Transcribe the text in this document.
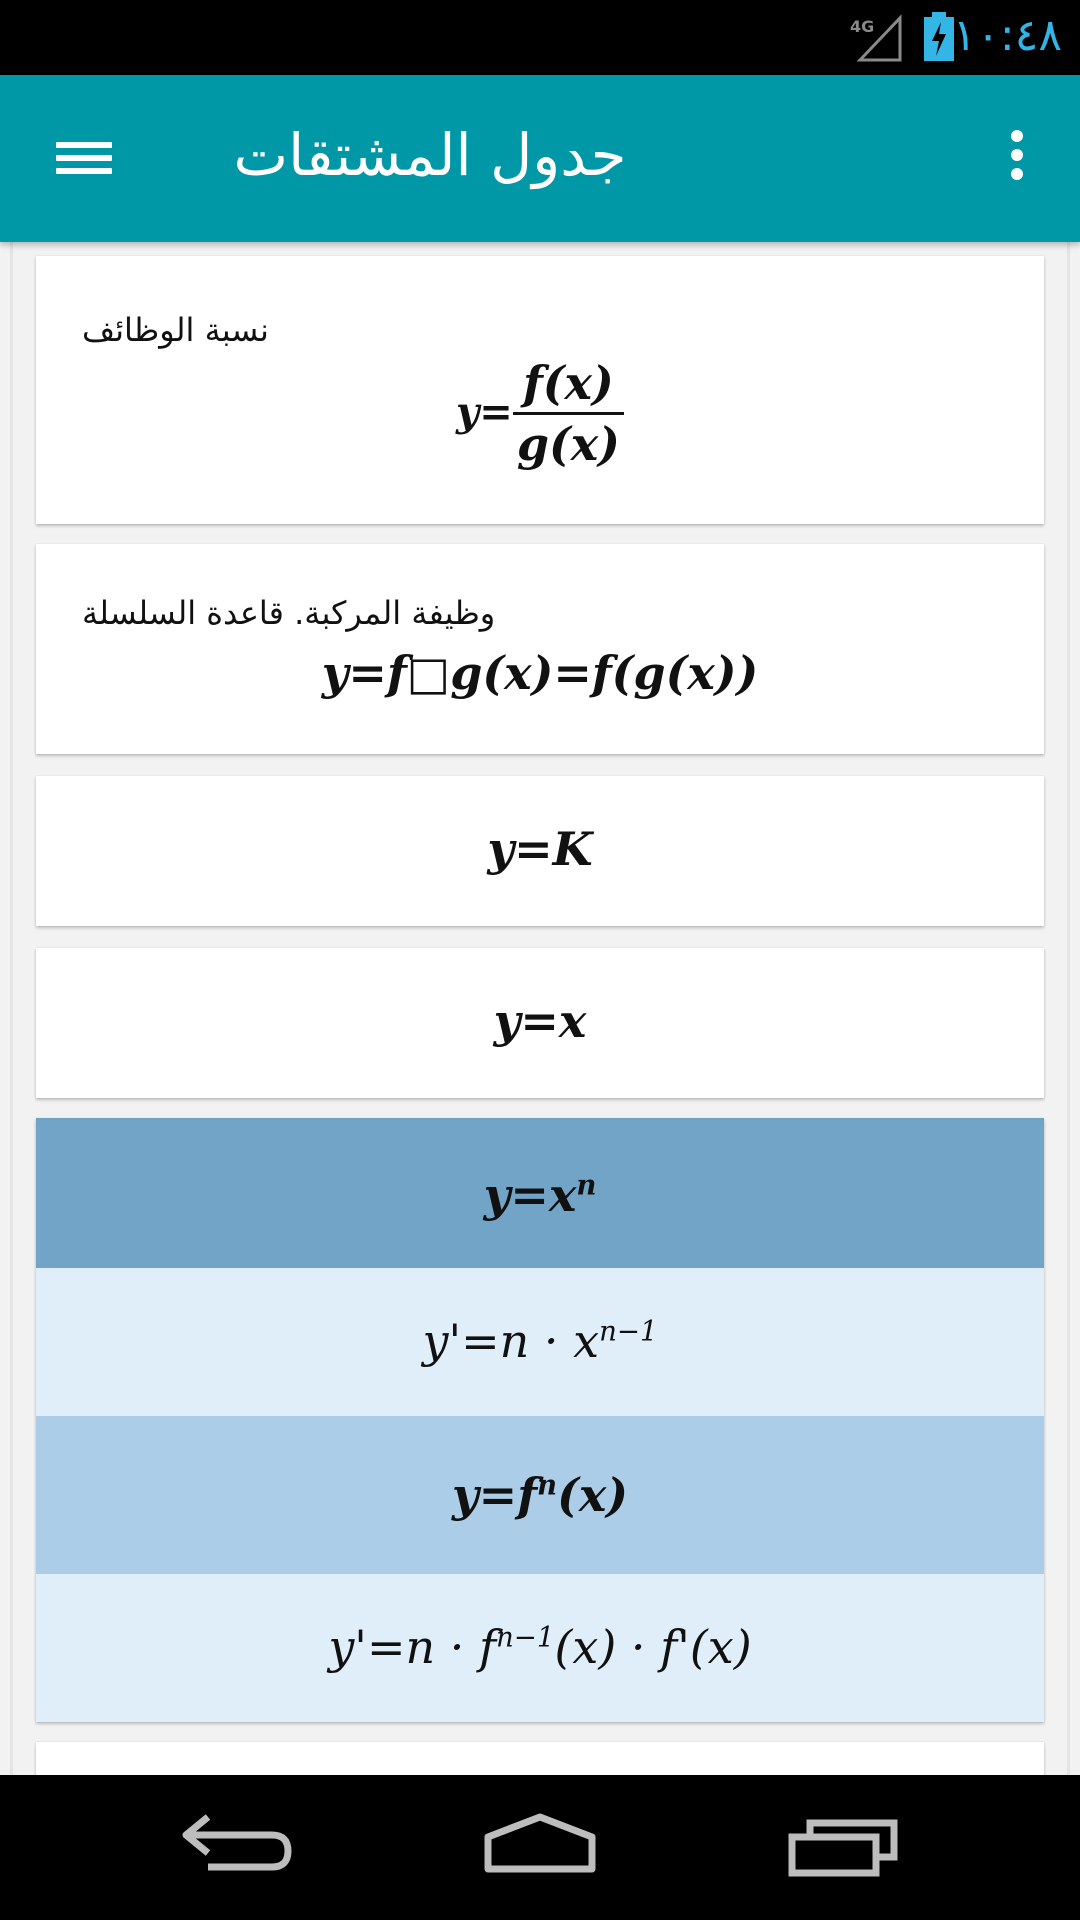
4G ١٠:٤٨
جدول المشتقات
نسبة الوظائف
$y= \frac{f(x)}{g(x)}$
وظيفة المركبة. قاعدة السلسلة
y=f□g(x)=f(g(x))
y=K
y=x
$y=x^n$
$y'=n \cdot x^{n-1}$
$y=f^n(x)$
$y'=n \cdot f^{n-1}(x) \cdot f'(x)$
